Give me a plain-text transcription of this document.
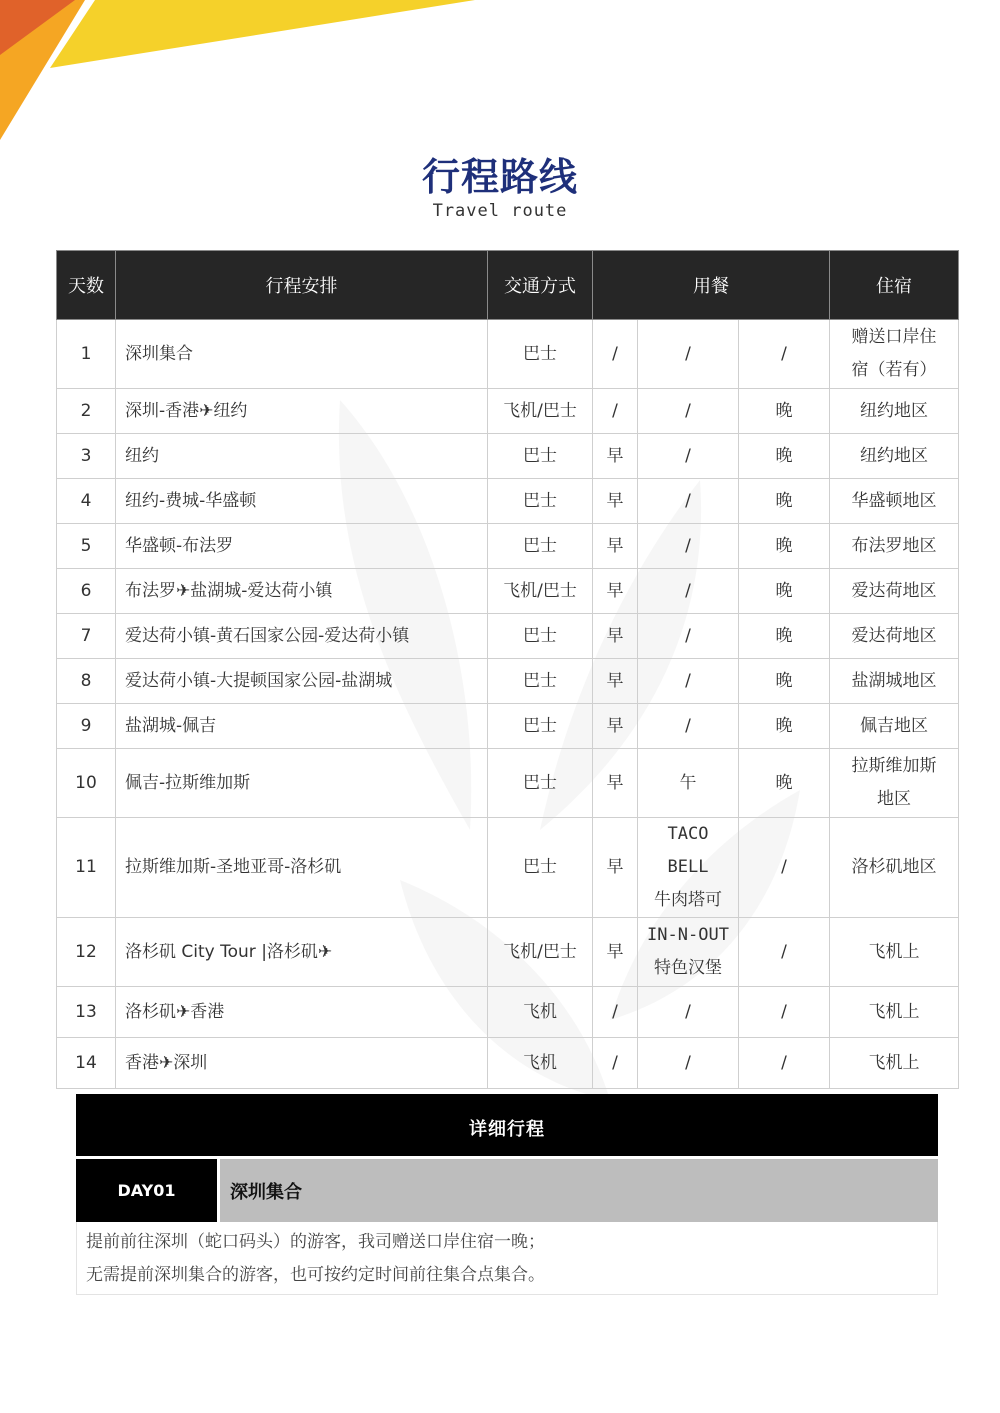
行程路线
Travel route
天数	行程安排	交通方式	用餐			住宿
1	深圳集合	巴士	/	/	/	赠送口岸住
宿（若有）
2	深圳-香港✈纽约	飞机/巴士	/	/	晚	纽约地区
3	纽约	巴士	早	/	晚	纽约地区
4	纽约-费城-华盛顿	巴士	早	/	晚	华盛顿地区
5	华盛顿-布法罗	巴士	早	/	晚	布法罗地区
6	布法罗✈盐湖城-爱达荷小镇	飞机/巴士	早	/	晚	爱达荷地区
7	爱达荷小镇-黄石国家公园-爱达荷小镇	巴士	早	/	晚	爱达荷地区
8	爱达荷小镇-大提顿国家公园-盐湖城	巴士	早	/	晚	盐湖城地区
9	盐湖城-佩吉	巴士	早	/	晚	佩吉地区
10	佩吉-拉斯维加斯	巴士	早	午	晚	拉斯维加斯
地区
11	拉斯维加斯-圣地亚哥-洛杉矶	巴士	早	TACO BELL
牛肉塔可	/	洛杉矶地区
12	洛杉矶 City Tour |洛杉矶✈	飞机/巴士	早	IN-N-OUT
特色汉堡	/	飞机上
13	洛杉矶✈香港	飞机	/	/	/	飞机上
14	香港✈深圳	飞机	/	/	/	飞机上
详细行程
DAY01	深圳集合
提前前往深圳（蛇口码头）的游客，我司赠送口岸住宿一晚；
无需提前深圳集合的游客，也可按约定时间前往集合点集合。
